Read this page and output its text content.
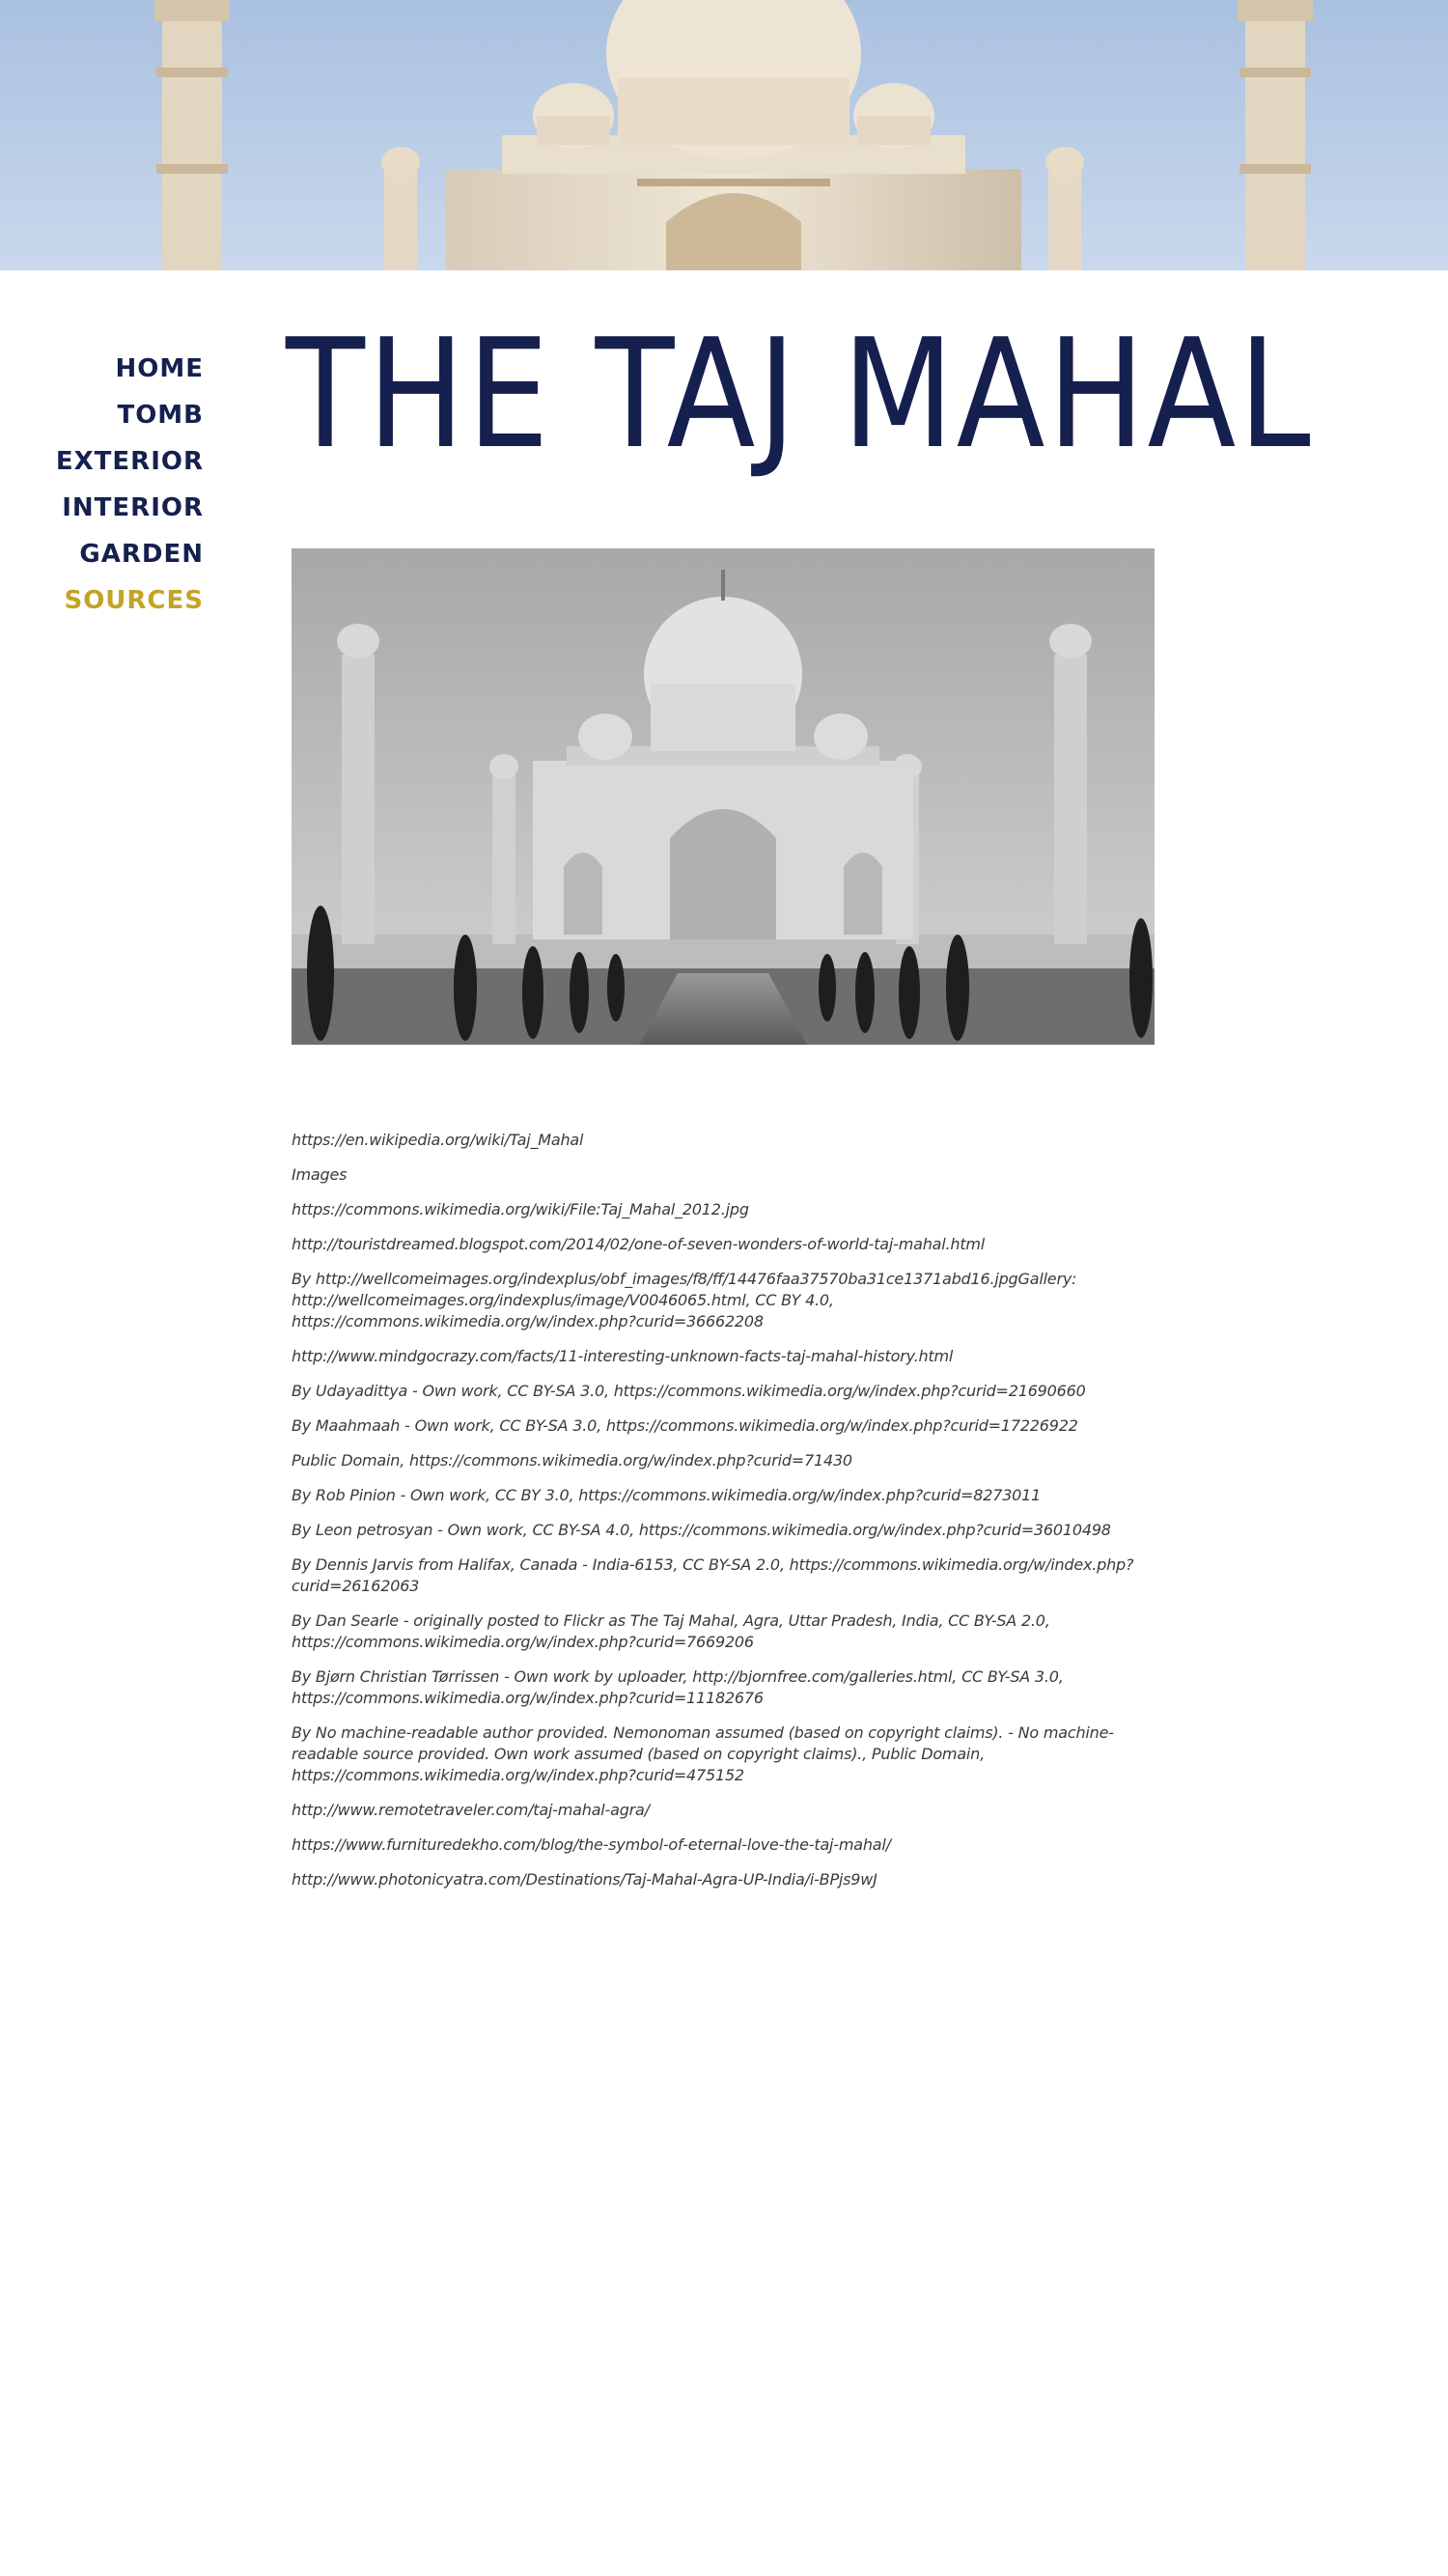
HOME
TOMB
EXTERIOR
INTERIOR
GARDEN
SOURCES
THE TAJ MAHAL
https://en.wikipedia.org/wiki/Taj_Mahal
Images
https://commons.wikimedia.org/wiki/File:Taj_Mahal_2012.jpg
http://touristdreamed.blogspot.com/2014/02/one-of-seven-wonders-of-world-taj-mahal.html
By http://wellcomeimages.org/indexplus/obf_images/f8/ff/14476faa37570ba31ce1371abd16.jpgGallery: http://wellcomeimages.org/indexplus/image/V0046065.html, CC BY 4.0, https://commons.wikimedia.org/w/index.php?curid=36662208
http://www.mindgocrazy.com/facts/11-interesting-unknown-facts-taj-mahal-history.html
By Udayadittya - Own work, CC BY-SA 3.0, https://commons.wikimedia.org/w/index.php?curid=21690660
By Maahmaah - Own work, CC BY-SA 3.0, https://commons.wikimedia.org/w/index.php?curid=17226922
Public Domain, https://commons.wikimedia.org/w/index.php?curid=71430
By Rob Pinion - Own work, CC BY 3.0, https://commons.wikimedia.org/w/index.php?curid=8273011
By Leon petrosyan - Own work, CC BY-SA 4.0, https://commons.wikimedia.org/w/index.php?curid=36010498
By Dennis Jarvis from Halifax, Canada - India-6153, CC BY-SA 2.0, https://commons.wikimedia.org/w/index.php?curid=26162063
By Dan Searle - originally posted to Flickr as The Taj Mahal, Agra, Uttar Pradesh, India, CC BY-SA 2.0, https://commons.wikimedia.org/w/index.php?curid=7669206
By Bjørn Christian Tørrissen - Own work by uploader, http://bjornfree.com/galleries.html, CC BY-SA 3.0, https://commons.wikimedia.org/w/index.php?curid=11182676
By No machine-readable author provided. Nemonoman assumed (based on copyright claims). - No machine-readable source provided. Own work assumed (based on copyright claims)., Public Domain, https://commons.wikimedia.org/w/index.php?curid=475152
http://www.remotetraveler.com/taj-mahal-agra/
https://www.furnituredekho.com/blog/the-symbol-of-eternal-love-the-taj-mahal/
http://www.photonicyatra.com/Destinations/Taj-Mahal-Agra-UP-India/i-BPjs9wJ
